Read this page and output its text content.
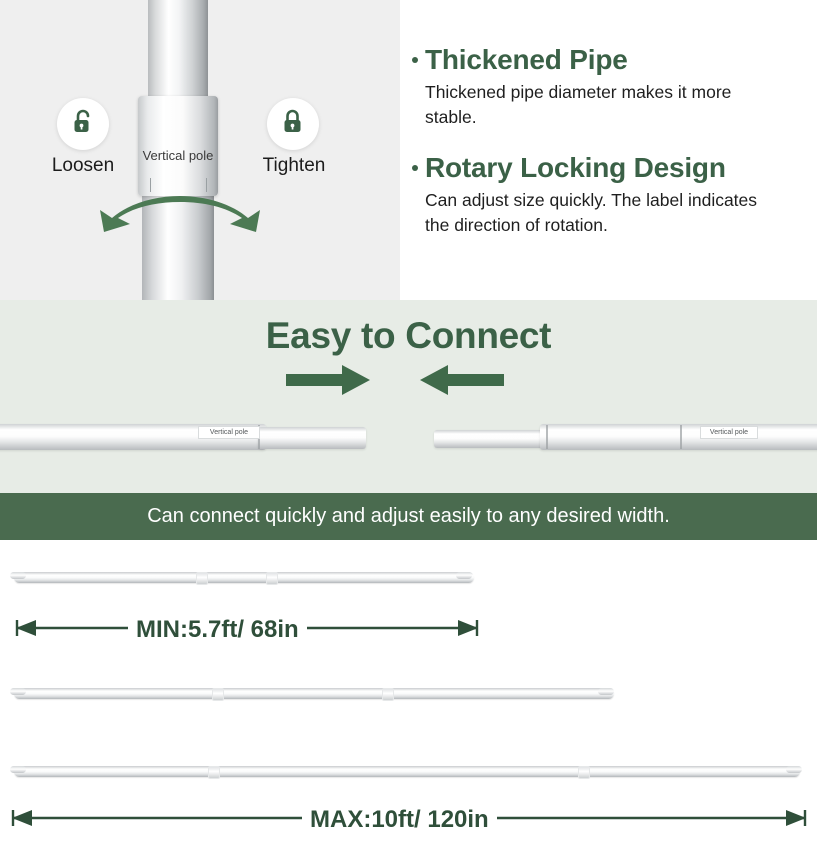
Vertical pole
Loosen	Tighten
Thickened Pipe
Thickened pipe diameter makes it more stable.
Rotary Locking Design
Can adjust size quickly. The label indicates the direction of rotation.
Easy to Connect
Vertical pole	Vertical pole
Can connect quickly and adjust easily to any desired width.
MIN:5.7ft/ 68in
MAX:10ft/ 120in
